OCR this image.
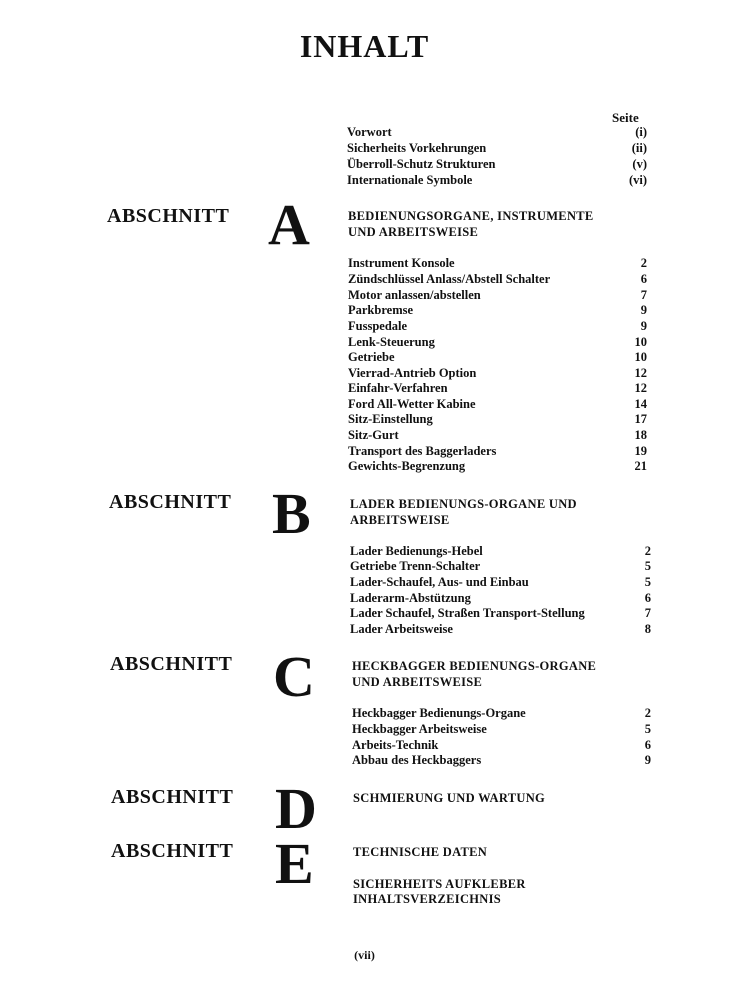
INHALT
Seite
Vorwort	(i)
Sicherheits Vorkehrungen	(ii)
Überroll-Schutz Strukturen	(v)
Internationale Symbole	(vi)
ABSCHNITT A	BEDIENUNGSORGANE, INSTRUMENTE
UND ARBEITSWEISE
Instrument Konsole	2
Zündschlüssel Anlass/Abstell Schalter	6
Motor anlassen/abstellen	7
Parkbremse	9
Fusspedale	9
Lenk-Steuerung	10
Getriebe	10
Vierrad-Antrieb Option	12
Einfahr-Verfahren	12
Ford All-Wetter Kabine	14
Sitz-Einstellung	17
Sitz-Gurt	18
Transport des Baggerladers	19
Gewichts-Begrenzung	21
ABSCHNITT B	LADER BEDIENUNGS-ORGANE UND
ARBEITSWEISE
Lader Bedienungs-Hebel	2
Getriebe Trenn-Schalter	5
Lader-Schaufel, Aus- und Einbau	5
Laderarm-Abstützung	6
Lader Schaufel, Straßen Transport-Stellung	7
Lader Arbeitsweise	8
ABSCHNITT C	HECKBAGGER BEDIENUNGS-ORGANE
UND ARBEITSWEISE
Heckbagger Bedienungs-Organe	2
Heckbagger Arbeitsweise	5
Arbeits-Technik	6
Abbau des Heckbaggers	9
ABSCHNITT D	SCHMIERUNG UND WARTUNG
ABSCHNITT E	TECHNISCHE DATEN
SICHERHEITS AUFKLEBER
INHALTSVERZEICHNIS
(vii)
